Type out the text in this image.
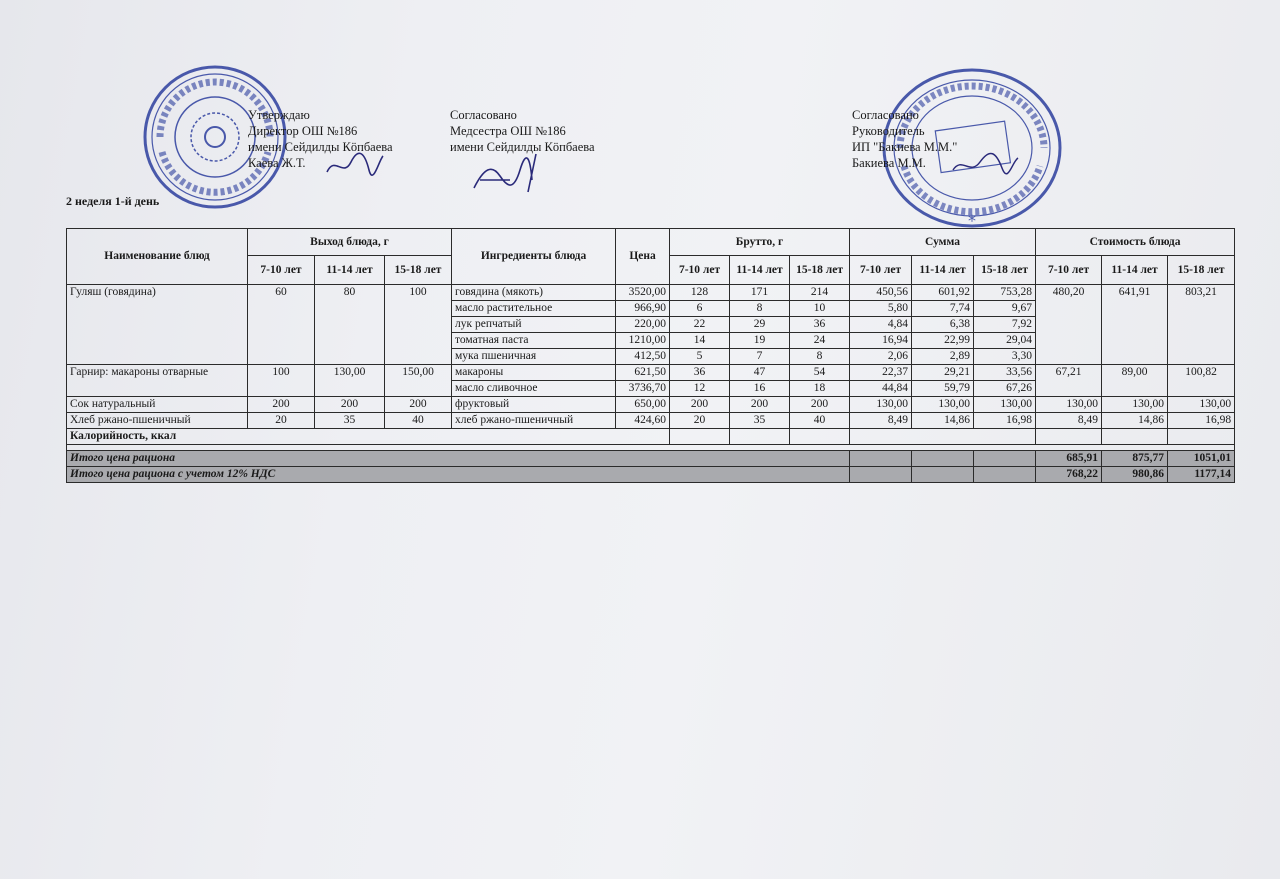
*
Утверждаю
Директор ОШ №186
имени Сейдилды Кӧпбаева
Каева Ж.Т.
Согласовано
Медсестра ОШ №186
имени Сейдилды Кӧпбаева
Согласовано
Руководитель
ИП "Бакиева М.М."
Бакиева М.М.
2 неделя 1-й день
Наименование блюд	Выход блюда, г			Ингредиенты блюда	Цена	Брутто, г			Сумма			Стоимость блюда		
	7-10 лет	11-14 лет	15-18 лет			7-10 лет	11-14 лет	15-18 лет	7-10 лет	11-14 лет	15-18 лет	7-10 лет	11-14 лет	15-18 лет
Гуляш (говядина)	60	80	100	говядина (мякоть)	3520,00	128	171	214	450,56	601,92	753,28	480,20	641,91	803,21
				масло растительное	966,90	6	8	10	5,80	7,74	9,67			
				лук репчатый	220,00	22	29	36	4,84	6,38	7,92			
				томатная паста	1210,00	14	19	24	16,94	22,99	29,04			
				мука пшеничная	412,50	5	7	8	2,06	2,89	3,30			
Гарнир: макароны отварные	100	130,00	150,00	макароны	621,50	36	47	54	22,37	29,21	33,56	67,21	89,00	100,82
				масло сливочное	3736,70	12	16	18	44,84	59,79	67,26			
Сок натуральный	200	200	200	фруктовый	650,00	200	200	200	130,00	130,00	130,00	130,00	130,00	130,00
Хлеб ржано-пшеничный	20	35	40	хлеб ржано-пшеничный	424,60	20	35	40	8,49	14,86	16,98	8,49	14,86	16,98
Калорийность, ккал														

Итого цена рациона												685,91	875,77	1051,01
Итого цена рациона с учетом 12% НДС												768,22	980,86	1177,14
